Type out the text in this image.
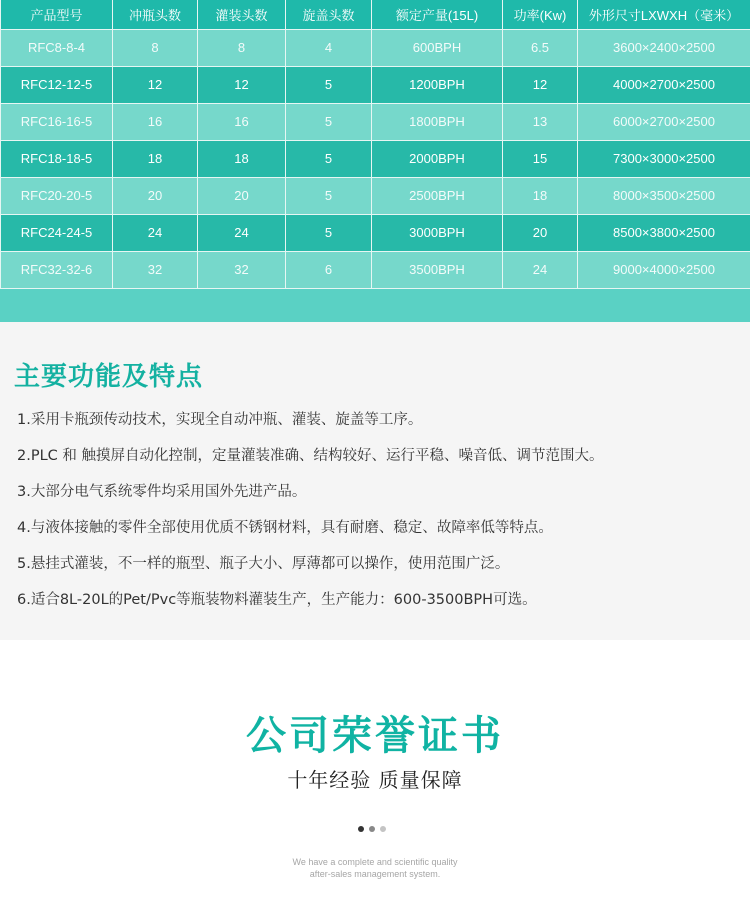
产品型号	冲瓶头数	灌装头数	旋盖头数	额定产量(15L)	功率(Kw)	外形尺寸LXWXH（毫米）
RFC8-8-4	8	8	4	600BPH	6.5	3600×2400×2500
RFC12-12-5	12	12	5	1200BPH	12	4000×2700×2500
RFC16-16-5	16	16	5	1800BPH	13	6000×2700×2500
RFC18-18-5	18	18	5	2000BPH	15	7300×3000×2500
RFC20-20-5	20	20	5	2500BPH	18	8000×3500×2500
RFC24-24-5	24	24	5	3000BPH	20	8500×3800×2500
RFC32-32-6	32	32	6	3500BPH	24	9000×4000×2500
主要功能及特点
1.采用卡瓶颈传动技术，实现全自动冲瓶、灌装、旋盖等工序。
2.PLC 和 触摸屏自动化控制，定量灌装准确、结构较好、运行平稳、噪音低、调节范围大。
3.大部分电气系统零件均采用国外先进产品。
4.与液体接触的零件全部使用优质不锈钢材料，具有耐磨、稳定、故障率低等特点。
5.悬挂式灌装，不一样的瓶型、瓶子大小、厚薄都可以操作，使用范围广泛。
6.适合8L-20L的Pet/Pvc等瓶装物料灌装生产，生产能力：600-3500BPH可选。
公司荣誉证书
十年经验 质量保障
We have a complete and scientific quality
after-sales management system.
